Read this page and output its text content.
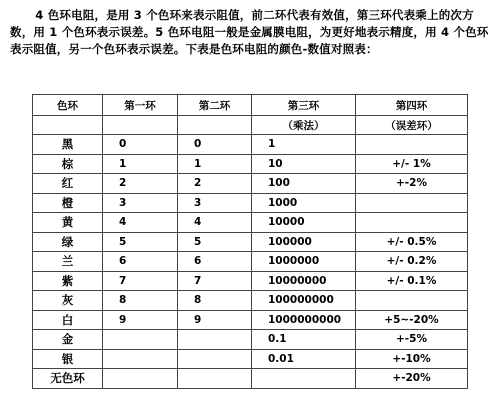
4 色环电阻，是用 3 个色环来表示阻值，前二环代表有效值，第三环代表乘上的次方数，用 1 个色环表示误差。5 色环电阻一般是金属膜电阻，为更好地表示精度，用 4 个色环表示阻值，另一个色环表示误差。下表是色环电阻的颜色-数值对照表：

色环	第一环	第二环	第三环	第四环
			（乘法）	（误差环）
黑	0	0	1	
棕	1	1	10	+/- 1%
红	2	2	100	+-2%
橙	3	3	1000	
黄	4	4	10000	
绿	5	5	100000	+/- 0.5%
兰	6	6	1000000	+/- 0.2%
紫	7	7	10000000	+/- 0.1%
灰	8	8	100000000	
白	9	9	1000000000	+5~-20%
金			0.1	+-5%
银			0.01	+-10%
无色环				+-20%
